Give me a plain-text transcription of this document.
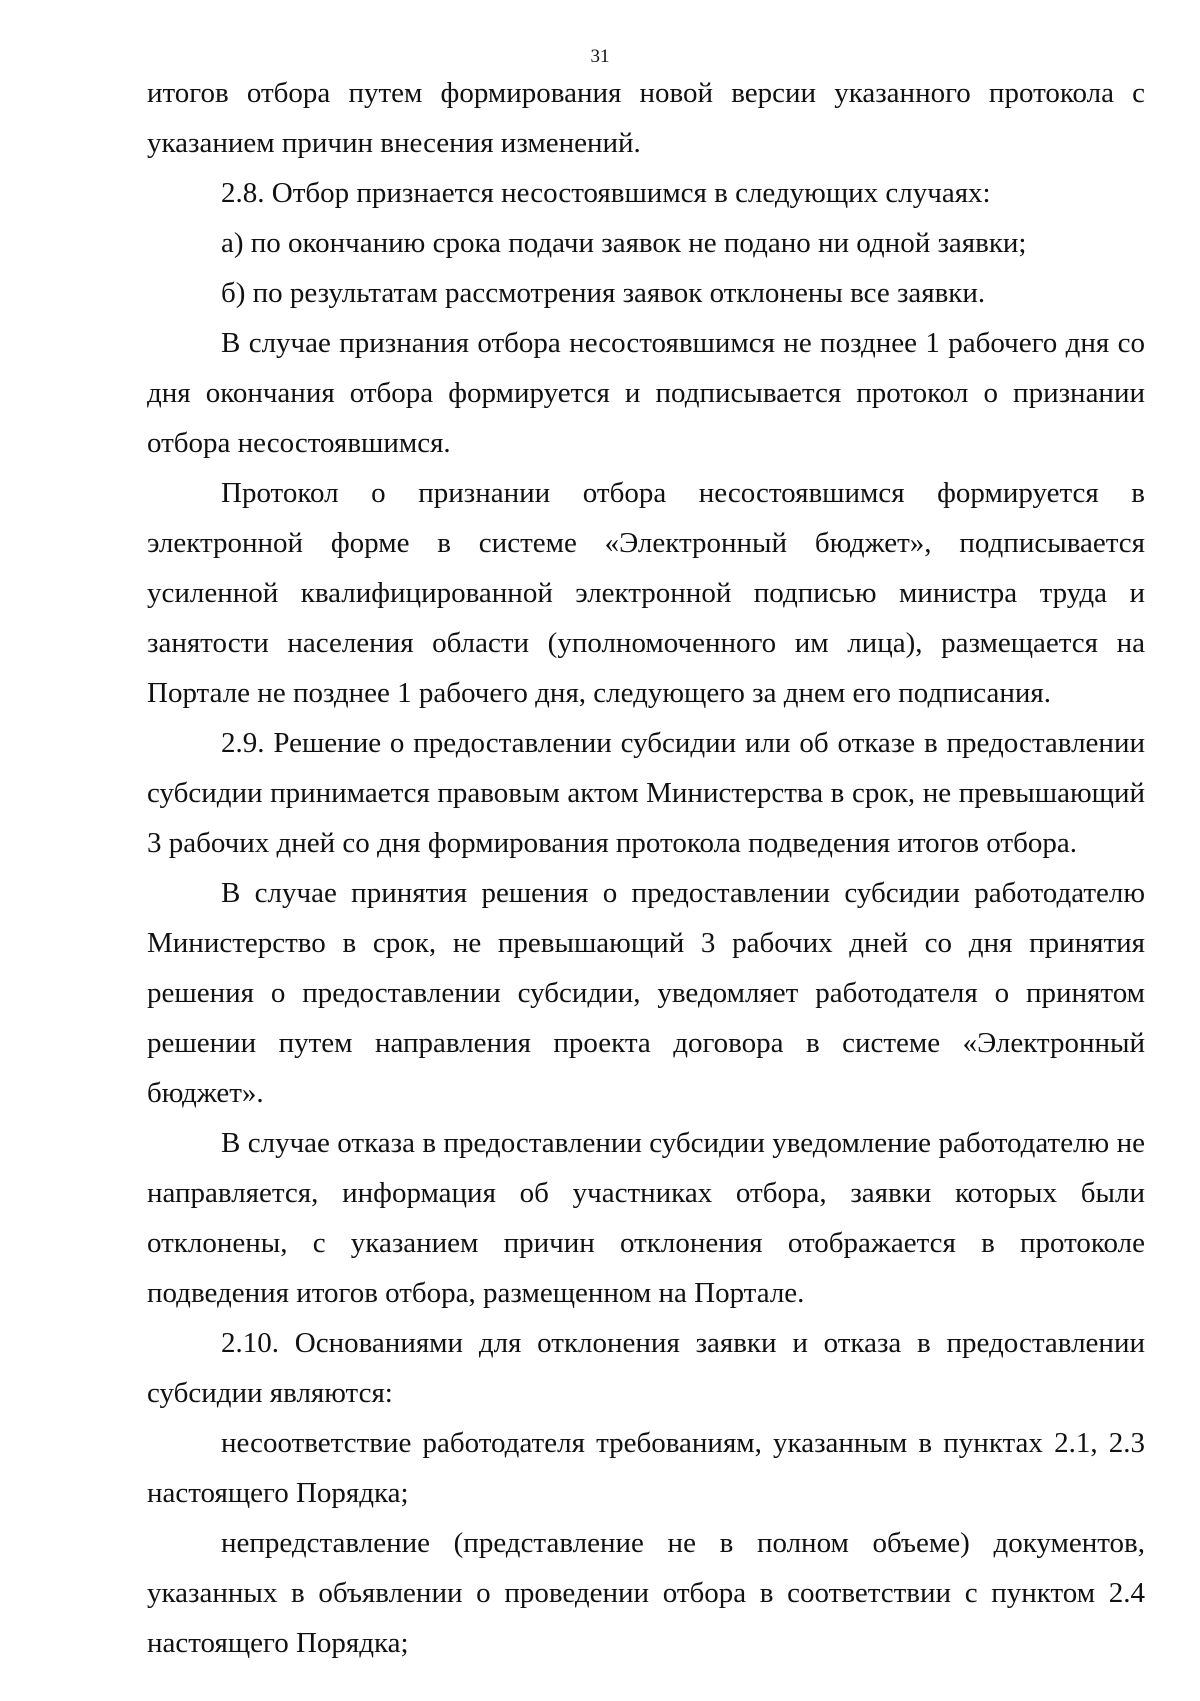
31

итогов отбора путем формирования новой версии указанного протокола с указанием причин внесения изменений.

2.8. Отбор признается несостоявшимся в следующих случаях:

а) по окончанию срока подачи заявок не подано ни одной заявки;

б) по результатам рассмотрения заявок отклонены все заявки.

В случае признания отбора несостоявшимся не позднее 1 рабочего дня со дня окончания отбора формируется и подписывается протокол о признании отбора несостоявшимся.

Протокол о признании отбора несостоявшимся формируется в электронной форме в системе «Электронный бюджет», подписывается усиленной квалифицированной электронной подписью министра труда и занятости населения области (уполномоченного им лица), размещается на Портале не позднее 1 рабочего дня, следующего за днем его подписания.

2.9. Решение о предоставлении субсидии или об отказе в предоставлении субсидии принимается правовым актом Министерства в срок, не превышающий 3 рабочих дней со дня формирования протокола подведения итогов отбора.

В случае принятия решения о предоставлении субсидии работодателю Министерство в срок, не превышающий 3 рабочих дней со дня принятия решения о предоставлении субсидии, уведомляет работодателя о принятом решении путем направления проекта договора в системе «Электронный бюджет».

В случае отказа в предоставлении субсидии уведомление работодателю не направляется, информация об участниках отбора, заявки которых были отклонены, с указанием причин отклонения отображается в протоколе подведения итогов отбора, размещенном на Портале.

2.10. Основаниями для отклонения заявки и отказа в предоставлении субсидии являются:

несоответствие работодателя требованиям, указанным в пунктах 2.1, 2.3 настоящего Порядка;

непредставление (представление не в полном объеме) документов, указанных в объявлении о проведении отбора в соответствии с пунктом 2.4 настоящего Порядка;
